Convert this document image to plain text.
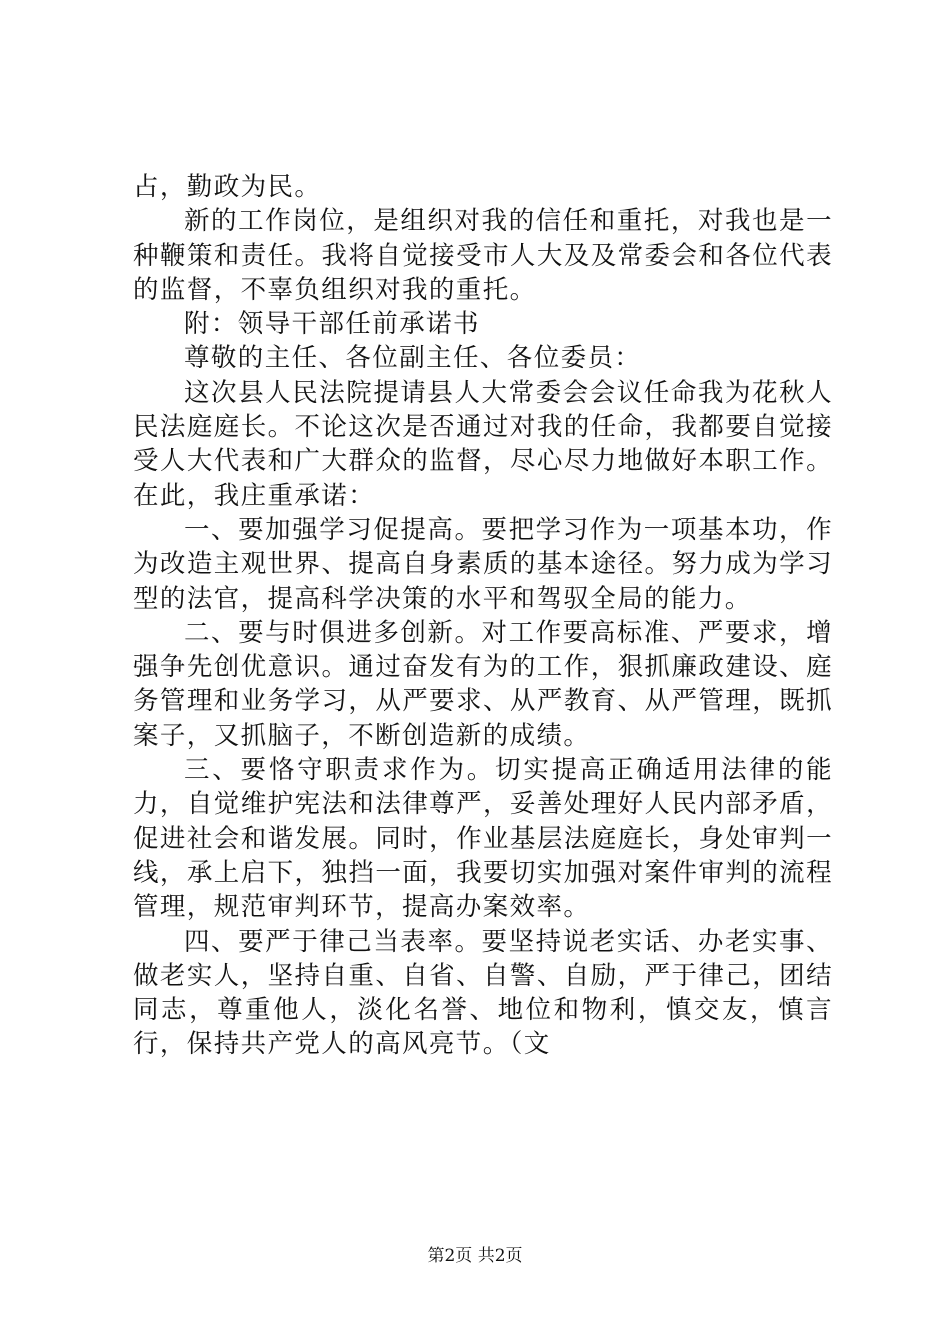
占，勤政为民。

新的工作岗位，是组织对我的信任和重托，对我也是一种鞭策和责任。我将自觉接受市人大及及常委会和各位代表的监督，不辜负组织对我的重托。

附：领导干部任前承诺书

尊敬的主任、各位副主任、各位委员：

这次县人民法院提请县人大常委会会议任命我为花秋人民法庭庭长。不论这次是否通过对我的任命，我都要自觉接受人大代表和广大群众的监督，尽心尽力地做好本职工作。在此，我庄重承诺：

一、要加强学习促提高。要把学习作为一项基本功，作为改造主观世界、提高自身素质的基本途径。努力成为学习型的法官，提高科学决策的水平和驾驭全局的能力。

二、要与时俱进多创新。对工作要高标准、严要求，增强争先创优意识。通过奋发有为的工作，狠抓廉政建设、庭务管理和业务学习，从严要求、从严教育、从严管理，既抓案子，又抓脑子，不断创造新的成绩。

三、要恪守职责求作为。切实提高正确适用法律的能力，自觉维护宪法和法律尊严，妥善处理好人民内部矛盾，促进社会和谐发展。同时，作业基层法庭庭长，身处审判一线，承上启下，独挡一面，我要切实加强对案件审判的流程管理，规范审判环节，提高办案效率。

四、要严于律己当表率。要坚持说老实话、办老实事、做老实人，坚持自重、自省、自警、自励，严于律己，团结同志，尊重他人，淡化名誉、地位和物利，慎交友，慎言行，保持共产党人的高风亮节。（文

第2页 共2页
